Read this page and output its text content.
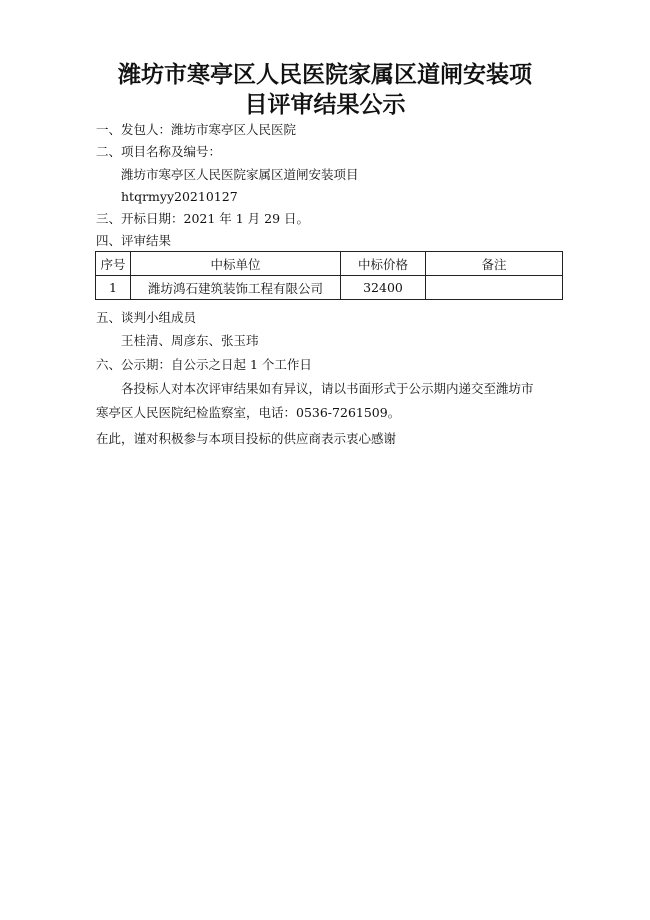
潍坊市寒亭区人民医院家属区道闸安装项
目评审结果公示

一、发包人：潍坊市寒亭区人民医院

二、项目名称及编号：

潍坊市寒亭区人民医院家属区道闸安装项目

htqrmyy20210127

三、开标日期：2021 年 1 月 29 日。

四、评审结果

序号	中标单位	中标价格	备注
1	潍坊鸿石建筑装饰工程有限公司	32400	

五、谈判小组成员

王桂清、周彦东、张玉玮

六、公示期：自公示之日起 1 个工作日

各投标人对本次评审结果如有异议，请以书面形式于公示期内递交至潍坊市

寒亭区人民医院纪检监察室，电话：0536-7261509。

在此，谨对积极参与本项目投标的供应商表示衷心感谢
